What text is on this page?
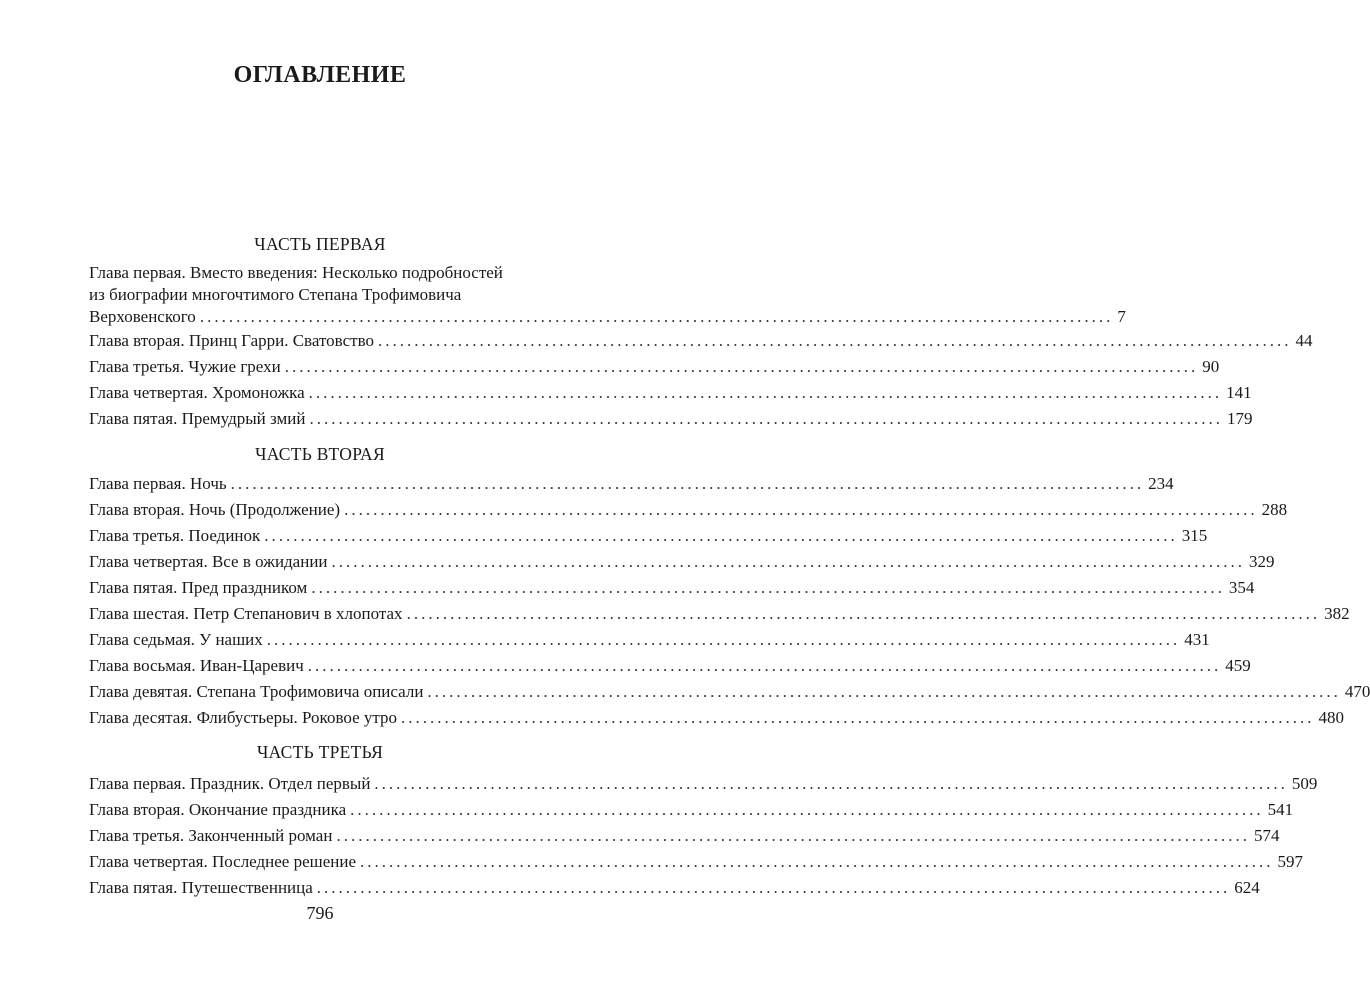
ОГЛАВЛЕНИЕ
ЧАСТЬ ПЕРВАЯ
Глава первая. Вместо введения: Несколько подробностей
из биографии многочтимого Степана Трофимовича
Верховенского .............................................................................................................................. 7
Глава вторая. Принц Гарри. Сватовство .............................................................................................................................. 44
Глава третья. Чужие грехи .............................................................................................................................. 90
Глава четвертая. Хромоножка .............................................................................................................................. 141
Глава пятая. Премудрый змий .............................................................................................................................. 179
ЧАСТЬ ВТОРАЯ
Глава первая. Ночь .............................................................................................................................. 234
Глава вторая. Ночь (Продолжение) .............................................................................................................................. 288
Глава третья. Поединок .............................................................................................................................. 315
Глава четвертая. Все в ожидании .............................................................................................................................. 329
Глава пятая. Пред праздником .............................................................................................................................. 354
Глава шестая. Петр Степанович в хлопотах .............................................................................................................................. 382
Глава седьмая. У наших .............................................................................................................................. 431
Глава восьмая. Иван-Царевич .............................................................................................................................. 459
Глава девятая. Степана Трофимовича описали .............................................................................................................................. 470
Глава десятая. Флибустьеры. Роковое утро .............................................................................................................................. 480
ЧАСТЬ ТРЕТЬЯ
Глава первая. Праздник. Отдел первый .............................................................................................................................. 509
Глава вторая. Окончание праздника .............................................................................................................................. 541
Глава третья. Законченный роман .............................................................................................................................. 574
Глава четвертая. Последнее решение .............................................................................................................................. 597
Глава пятая. Путешественница .............................................................................................................................. 624
796
